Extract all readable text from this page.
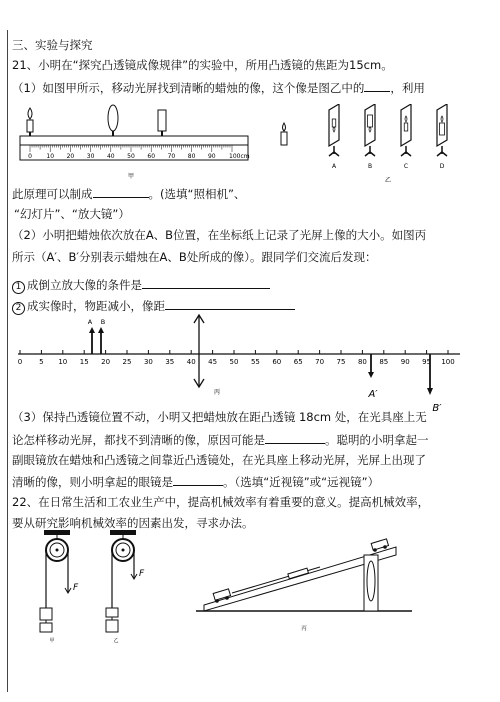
三、实验与探究
21、小明在“探究凸透镜成像规律”的实验中，所用凸透镜的焦距为15cm。
（1）如图甲所示，移动光屏找到清晰的蜡烛的像，这个像是图乙中的 ，利用
0 10 20 30 40 50 60 70 80 90 100cm
甲
A	B	C	D
乙
此原理可以制成	。(选填“照相机”、
“幻灯片”、“放大镜”）
（2）小明把蜡烛依次放在A、B位置，在坐标纸上记录了光屏上像的大小。如图丙
所示（A′、B′分别表示蜡烛在A、B处所成的像）。跟同学们交流后发现：
1 成倒立放大像的条件是
2 成实像时，物距减小，像距
0 5 10 15 20 25 30 35 40 45 50 55 60 65 70 75 80 85 90 95 100
A B
A′
B′
丙
（3）保持凸透镜位置不动，小明又把蜡烛放在距凸透镜 18cm 处，在光具座上无
论怎样移动光屏，都找不到清晰的像，原因可能是	。聪明的小明拿起一
副眼镜放在蜡烛和凸透镜之间靠近凸透镜处，在光具座上移动光屏，光屏上出现了
清晰的像，则小明拿起的眼镜是	。（选填“近视镜”或“远视镜”）
22、在日常生活和工农业生产中，提高机械效率有着重要的意义。提高机械效率，
要从研究影响机械效率的因素出发，寻求办法。
F
甲
F
乙
丙
